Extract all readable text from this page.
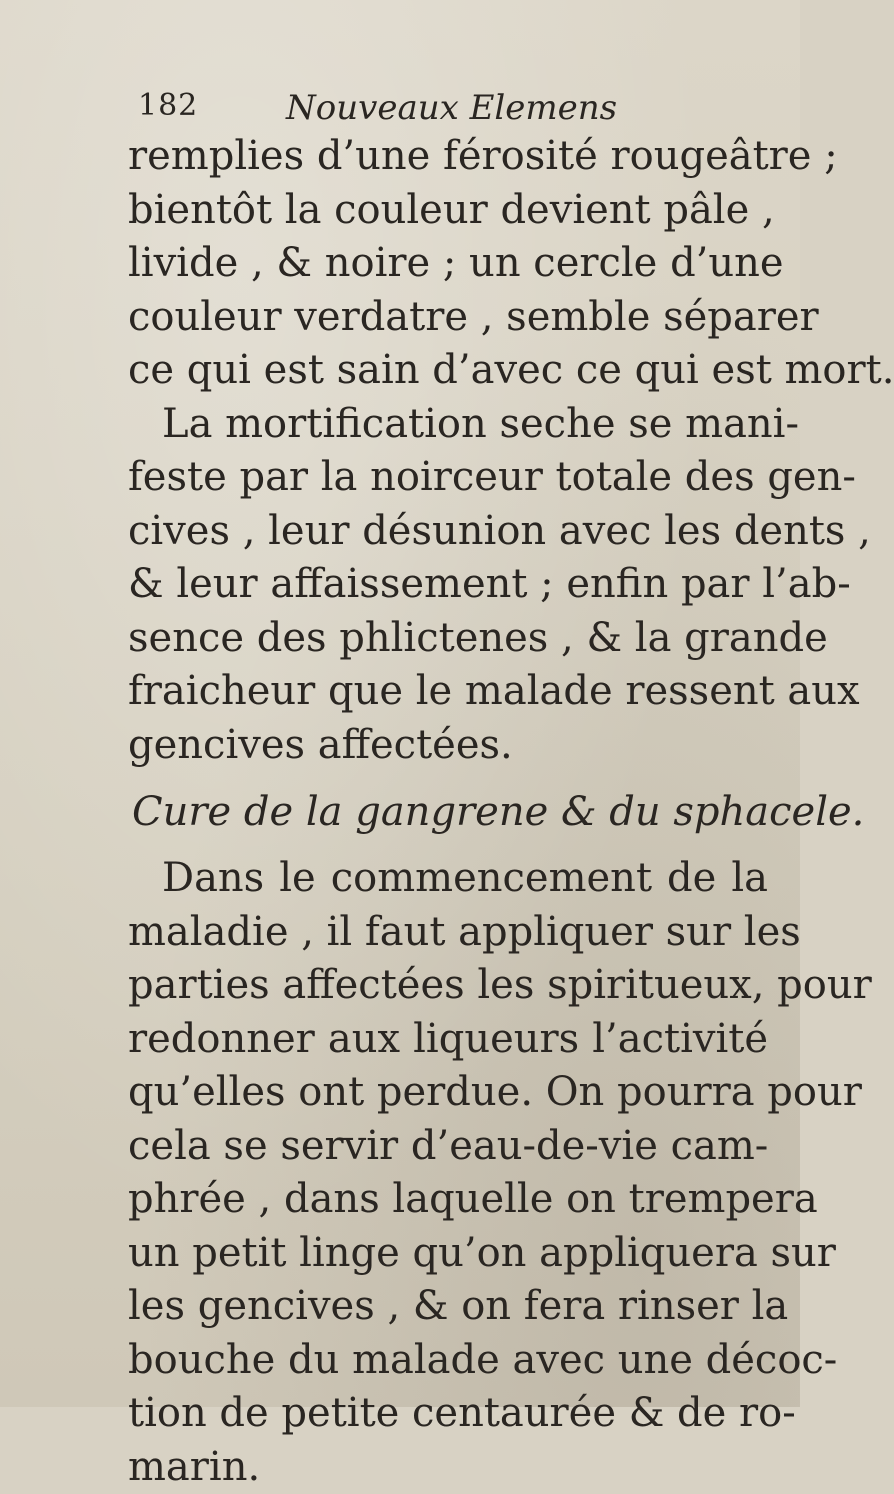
182	Nouveaux Elemens
remplies d’une férosité rougeâtre ;
bientôt la couleur devient pâle ,
livide , & noire ; un cercle d’une
couleur verdatre , semble séparer
ce qui est sain d’avec ce qui est mort.
La mortification seche se mani-
feste par la noirceur totale des gen-
cives , leur désunion avec les dents ,
& leur affaissement ; enfin par l’ab-
sence des phlictenes , & la grande
fraicheur que le malade ressent aux
gencives affectées.
Cure de la gangrene & du sphacele.
Dans le commencement de la
maladie , il faut appliquer sur les
parties affectées les spiritueux, pour
redonner aux liqueurs l’activité
qu’elles ont perdue. On pourra pour
cela se servir d’eau-de-vie cam-
phrée , dans laquelle on trempera
un petit linge qu’on appliquera sur
les gencives , & on fera rinser la
bouche du malade avec une décoc-
tion de petite centaurée & de ro-
marin.
